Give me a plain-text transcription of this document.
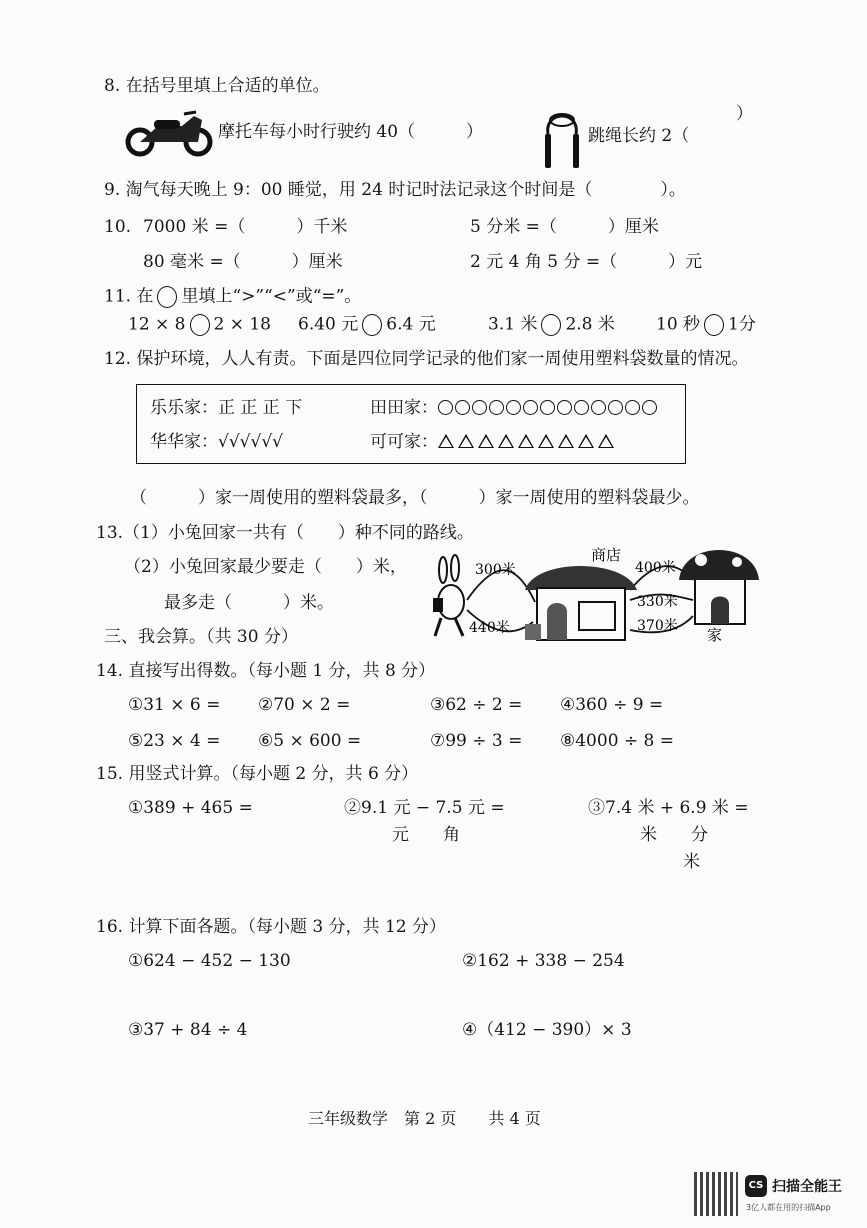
8. 在括号里填上合适的单位。
摩托车每小时行驶约 40（　　　）	跳绳长约 2（
）
9. 淘气每天晚上 9：00 睡觉，用 24 时记时法记录这个时间是（　　　　）。
10. 7000 米 =（　　　）千米	5 分米 =（　　　）厘米
80 毫米 =（　　　）厘米	2 元 4 角 5 分 =（　　　）元
11. 在 里填上“>”“<”或“=”。
12 × 8 2 × 18 6.40 元 6.4 元	3.1 米 2.8 米 10 秒 1分
12. 保护环境，人人有责。下面是四位同学记录的他们家一周使用塑料袋数量的情况。
乐乐家：正 正 正 下	田田家：
华华家：√√√√√√	可可家：
（　　　）家一周使用的塑料袋最多，（　　　）家一周使用的塑料袋最少。
13.（1）小兔回家一共有（　　）种不同的路线。
（2）小兔回家最少要走（　　）米，
最多走（　　　）米。
商店
家
300米
440米
400米
330米
370米
三、我会算。（共 30 分）
14. 直接写出得数。（每小题 1 分，共 8 分）
①31 × 6 = ②70 × 2 =	③62 ÷ 2 = ④360 ÷ 9 =
⑤23 × 4 = ⑥5 × 600 =	⑦99 ÷ 3 = ⑧4000 ÷ 8 =
15. 用竖式计算。（每小题 2 分，共 6 分）
①389 + 465 =	②9.1 元 − 7.5 元 =
元　　角
③7.4 米 + 6.9 米 =
米　　分
米
16. 计算下面各题。（每小题 3 分，共 12 分）
①624 − 452 − 130	②162 + 338 − 254
③37 + 84 ÷ 4	④（412 − 390）× 3
三年级数学　第 2 页　　共 4 页
CS 扫描全能王
3亿人都在用的扫描App
